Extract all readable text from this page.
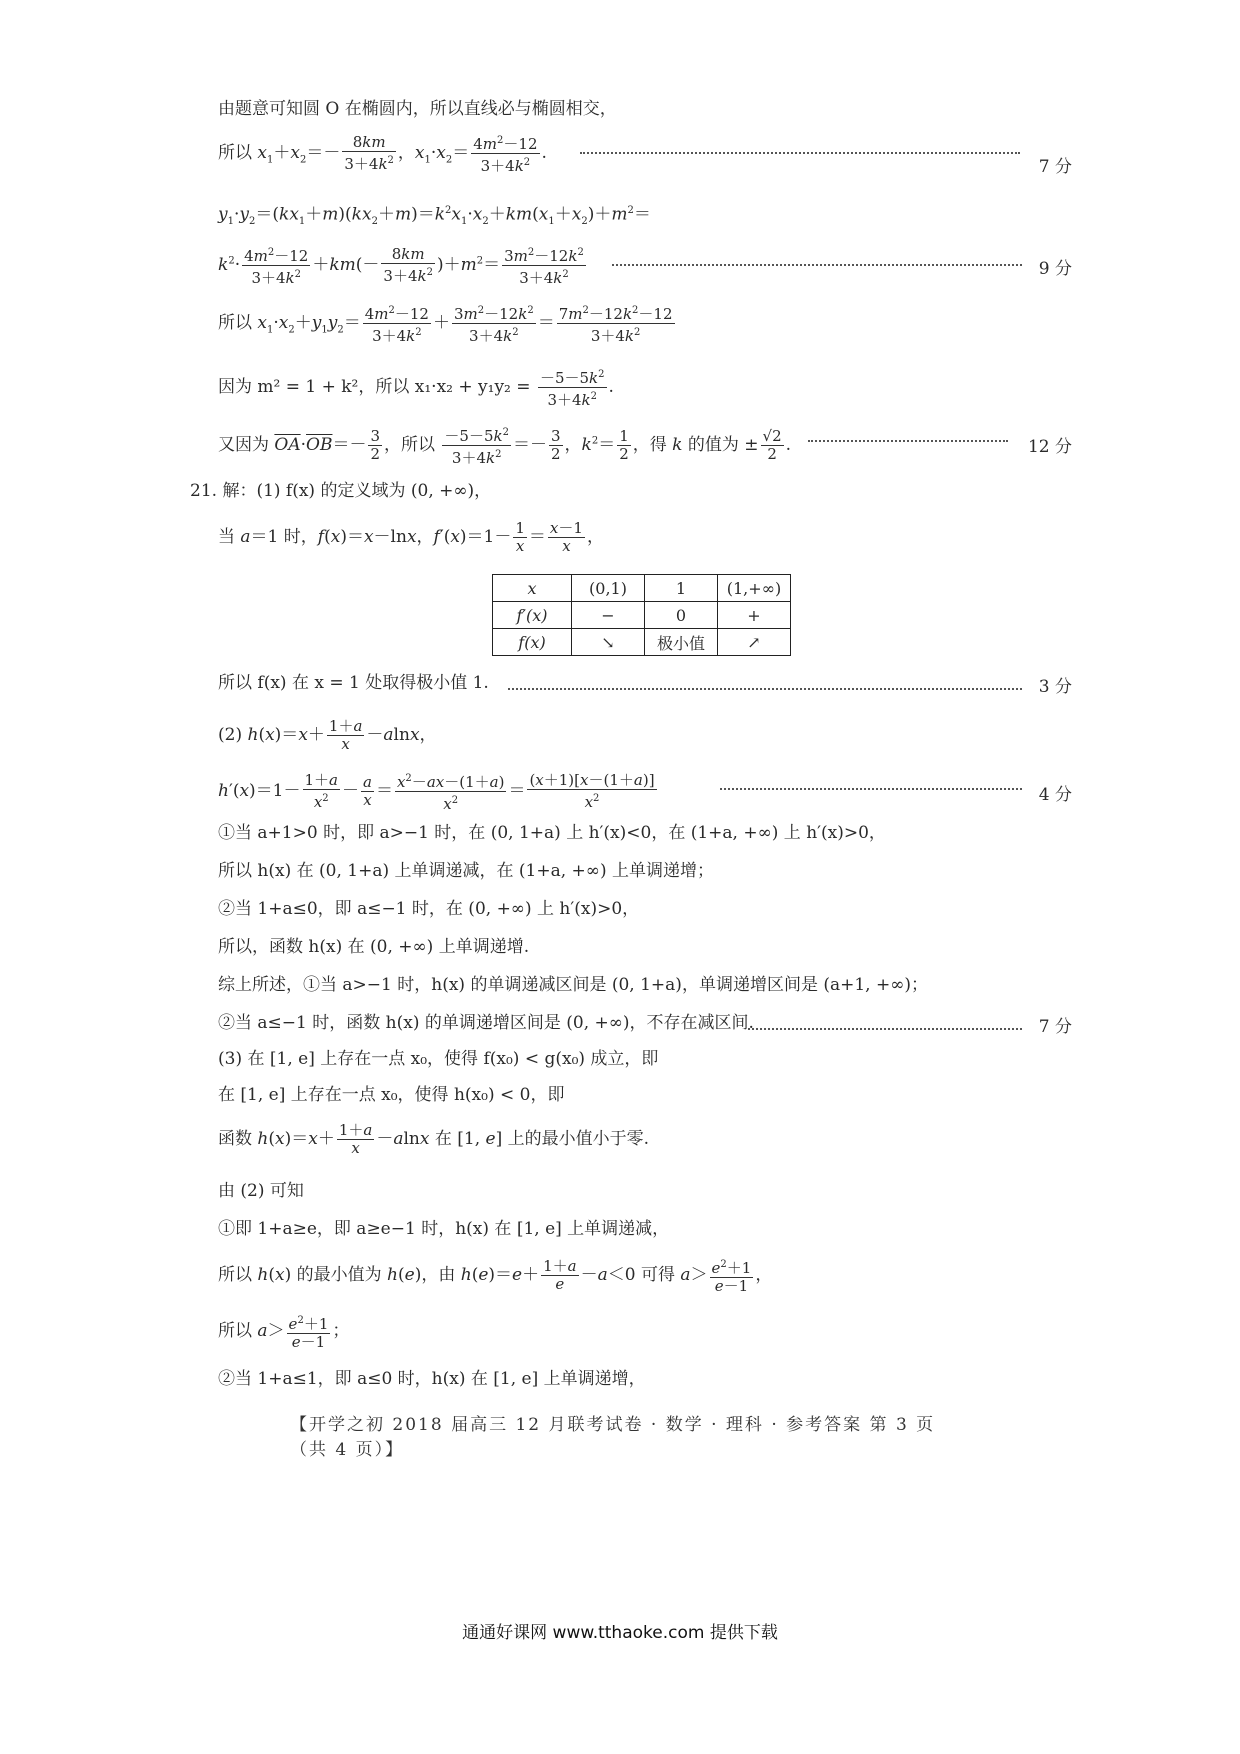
由题意可知圆 O 在椭圆内，所以直线必与椭圆相交，
所以 $x_1+x_2=- \frac{8km}{3+4k^2}$ ，$x_1\cdot x_2= \frac{4m^2-12}{3+4k^2}$ .
7 分
$y_1\cdot y_2=(kx_1+m)(kx_2+m)=k^2x_1\cdot x_2+km(x_1+x_2)+m^2=$
$k^2\cdot \frac{4m^2-12}{3+4k^2} +km(- \frac{8km}{3+4k^2} )+m^2= \frac{3m^2-12k^2}{3+4k^2}$	9 分
所以 $x_1\cdot x_2+y_1y_2= \frac{4m^2-12}{3+4k^2} + \frac{3m^2-12k^2}{3+4k^2} = \frac{7m^2-12k^2-12}{3+4k^2}$
因为 m² = 1 + k²，所以 $x_1\cdot x_2 + y_1y_2 = \frac{-5-5k^2}{3+4k^2}$ .
又因为 $\overline{OA}\cdot\overline{OB}=- \frac{3}{2}$ ，所以 $\frac{-5-5k^2}{3+4k^2} =- \frac{3}{2}$ ，$k^2= \frac{1}{2}$ ，得 k 的值为 ± $\frac{√2}{2}$ .	12 分
21. 解：(1) f(x) 的定义域为 (0, +∞)，
当 a＝1 时，f(x)＝x－lnx，$f'(x)=1- \frac{1}{x} = \frac{x-1}{x}$ ，
x	(0,1)	1	(1,+∞)
f′(x)	−	0	+
f(x)	↘	极小值	↗
所以 f(x) 在 x = 1 处取得极小值 1.	3 分
(2) $h(x)=x+ \frac{1+a}{x} -alnx$，
$h'(x)=1- \frac{1+a}{x^2} - \frac{a}{x} = \frac{x^2-ax-(1+a)}{x^2} = \frac{(x+1)[x-(1+a)]}{x^2}$	4 分
①当 a+1>0 时，即 a>−1 时，在 (0, 1+a) 上 h′(x)<0，在 (1+a, +∞) 上 h′(x)>0，
所以 h(x) 在 (0, 1+a) 上单调递减，在 (1+a, +∞) 上单调递增；
②当 1+a≤0，即 a≤−1 时，在 (0, +∞) 上 h′(x)>0，
所以，函数 h(x) 在 (0, +∞) 上单调递增.
综上所述，①当 a>−1 时，h(x) 的单调递减区间是 (0, 1+a)，单调递增区间是 (a+1, +∞)；
②当 a≤−1 时，函数 h(x) 的单调递增区间是 (0, +∞)，不存在减区间.	7 分
(3) 在 [1, e] 上存在一点 x₀，使得 f(x₀) < g(x₀) 成立，即
在 [1, e] 上存在一点 x₀，使得 h(x₀) < 0，即
函数 $h(x)=x+ \frac{1+a}{x} -alnx$ 在 [1, e] 上的最小值小于零.
由 (2) 可知
①即 1+a≥e，即 a≥e−1 时，h(x) 在 [1, e] 上单调递减，
所以 h(x) 的最小值为 h(e)，由 $h(e)=e+ \frac{1+a}{e} -a<0$ 可得 $a> \frac{e^2+1}{e-1}$ ，
所以 $a> \frac{e^2+1}{e-1}$ ；
②当 1+a≤1，即 a≤0 时，h(x) 在 [1, e] 上单调递增，
【开学之初 2018 届高三 12 月联考试卷 · 数学 · 理科 · 参考答案 第 3 页（共 4 页）】
通通好课网 www.tthaoke.com 提供下载
